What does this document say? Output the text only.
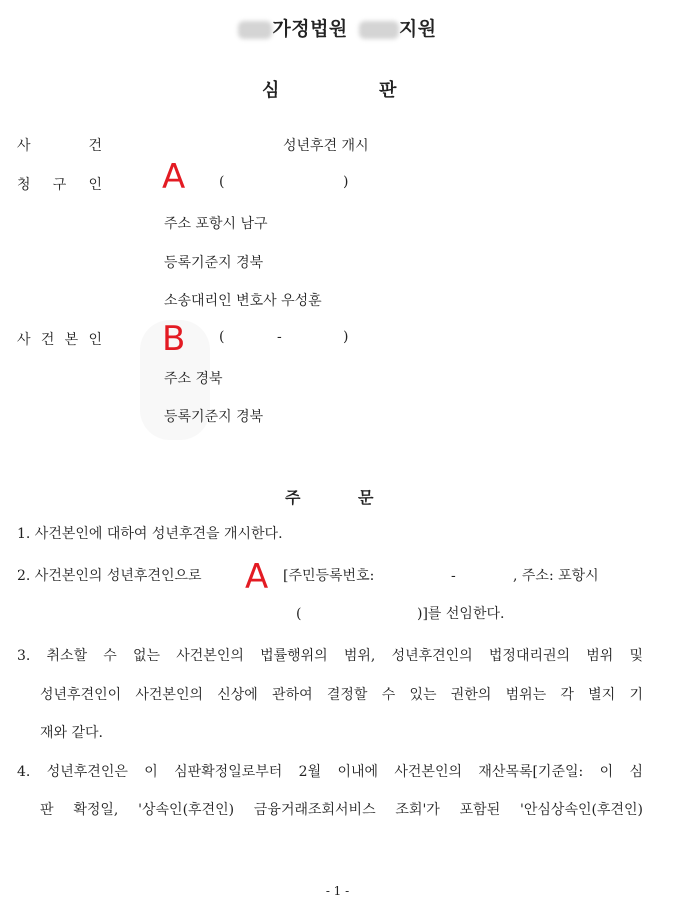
가정법원	지원
심	판
사	건	성년후견 개시
청 구 인 A (	)
주소 포항시 남구
등록기준지 경북
소송대리인 변호사 우성훈
사 건 본 인 B (	-	)
주소 경북
등록기준지 경북
주	문
1. 사건본인에 대하여 성년후견을 개시한다.
2. 사건본인의 성년후견인으로 A [주민등록번호:	-	, 주소: 포항시
(	)]를 선임한다.
3. 취소할 수 없는 사건본인의 법률행위의 범위, 성년후견인의 법정대리권의 범위 및
성년후견인이 사건본인의 신상에 관하여 결정할 수 있는 권한의 범위는 각 별지 기
재와 같다.
4. 성년후견인은 이 심판확정일로부터 2월 이내에 사건본인의 재산목록[기준일: 이 심
판 확정일, '상속인(후견인) 금융거래조회서비스 조회'가 포함된 '안심상속인(후견인)
- 1 -
